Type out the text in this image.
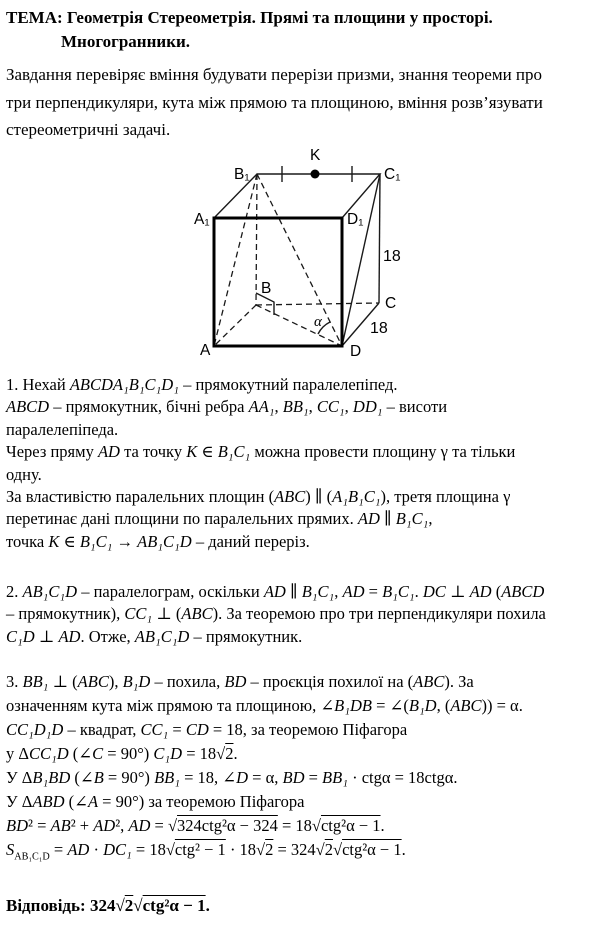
ТЕМА: Геометрія Стереометрія. Прямі та площини у просторі.
Многогранники.
Завдання перевіряє вміння будувати перерізи призми, знання теореми про
три перпендикуляри, кута між прямою та площиною, вміння розв’язувати
стереометричні задачі.
B₁
K
C₁
A₁	D₁
A	D
B
C
α
18
18
1. Нехай ABCDA₁B₁C₁D₁ – прямокутний паралелепіпед.
ABCD – прямокутник, бічні ребра AA₁, BB₁, CC₁, DD₁ – висоти
паралелепіпеда.
Через пряму AD та точку K ∈ B₁C₁ можна провести площину γ та тільки
одну.
За властивістю паралельних площин (ABC) ∥ (A₁B₁C₁), третя площина γ
перетинає дані площини по паралельних прямих. AD ∥ B₁C₁,
точка K ∈ B₁C₁ → AB₁C₁D – даний переріз.
2. AB₁C₁D – паралелограм, оскільки AD ∥ B₁C₁, AD = B₁C₁. DC ⊥ AD (ABCD
– прямокутник), CC₁ ⊥ (ABC). За теоремою про три перпендикуляри похила
C₁D ⊥ AD. Отже, AB₁C₁D – прямокутник.
3. BB₁ ⊥ (ABC), B₁D – похила, BD – проєкція похилої на (ABC). За
означенням кута між прямою та площиною, ∠B₁DB = ∠(B₁D, (ABC)) = α.
CC₁D₁D – квадрат, CC₁ = CD = 18, за теоремою Піфагора
у ΔCC₁D (∠C = 90°) C₁D = 18√2.
У ΔB₁BD (∠B = 90°) BB₁ = 18, ∠D = α, BD = BB₁ · ctgα = 18ctgα.
У ΔABD (∠A = 90°) за теоремою Піфагора
BD² = AB² + AD², AD = √324ctg²α − 324 = 18√ctg²α − 1.
$S_{AB_1C_1D}$ = AD · DC₁ = 18√ctg² − 1 · 18√2 = 324√2√ctg²α − 1.
Відповідь: 324√2√ctg²α − 1.
